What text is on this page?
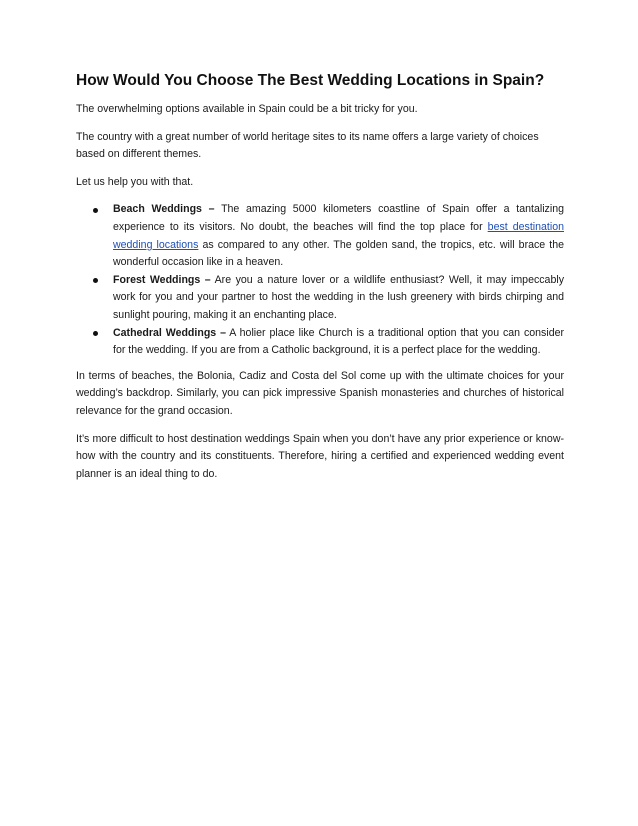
How Would You Choose The Best Wedding Locations in Spain?

The overwhelming options available in Spain could be a bit tricky for you.

The country with a great number of world heritage sites to its name offers a large variety of choices based on different themes.

Let us help you with that.

Beach Weddings – The amazing 5000 kilometers coastline of Spain offer a tantalizing experience to its visitors. No doubt, the beaches will find the top place for best destination wedding locations as compared to any other. The golden sand, the tropics, etc. will brace the wonderful occasion like in a heaven.
Forest Weddings – Are you a nature lover or a wildlife enthusiast? Well, it may impeccably work for you and your partner to host the wedding in the lush greenery with birds chirping and sunlight pouring, making it an enchanting place.
Cathedral Weddings – A holier place like Church is a traditional option that you can consider for the wedding. If you are from a Catholic background, it is a perfect place for the wedding.

In terms of beaches, the Bolonia, Cadiz and Costa del Sol come up with the ultimate choices for your wedding’s backdrop. Similarly, you can pick impressive Spanish monasteries and churches of historical relevance for the grand occasion.

It’s more difficult to host destination weddings Spain when you don’t have any prior experience or know-how with the country and its constituents. Therefore, hiring a certified and experienced wedding event planner is an ideal thing to do.
